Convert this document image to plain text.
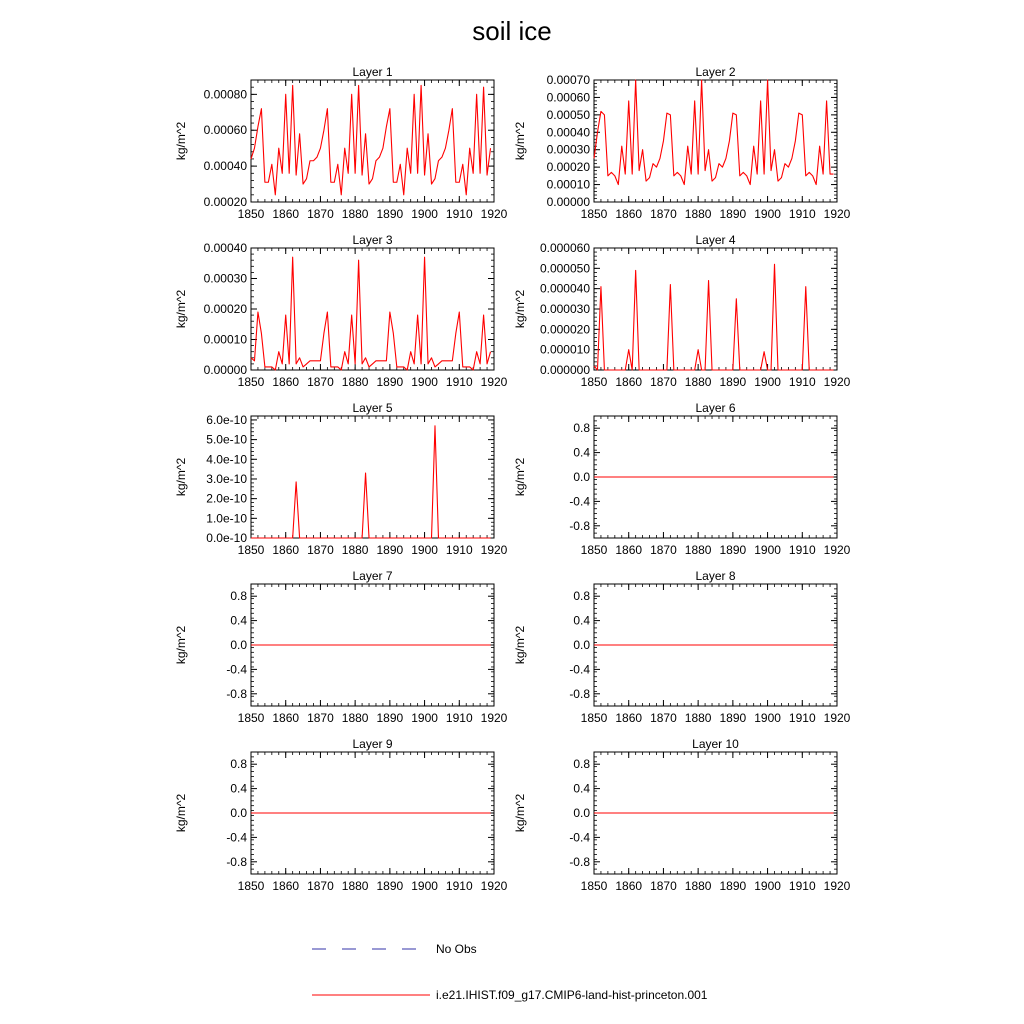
soil ice
1850 1860 1870 1880 1890 1900 1910 1920
0.00020
0.00040
0.00060
0.00080
Layer 1
kg/m^2
1850 1860 1870 1880 1890 1900 1910 1920
0.00000
0.00010
0.00020
0.00030
0.00040
0.00050
0.00060
0.00070
Layer 2
kg/m^2
1850 1860 1870 1880 1890 1900 1910 1920
0.00000
0.00010
0.00020
0.00030
0.00040
Layer 3
kg/m^2
1850 1860 1870 1880 1890 1900 1910 1920
0.000000
0.000010
0.000020
0.000030
0.000040
0.000050
0.000060
Layer 4
kg/m^2
1850 1860 1870 1880 1890 1900 1910 1920
0.0e-10
1.0e-10
2.0e-10
3.0e-10
4.0e-10
5.0e-10
6.0e-10
Layer 5
kg/m^2
1850 1860 1870 1880 1890 1900 1910 1920
-0.8
-0.4
0.0
0.4
0.8
Layer 6
kg/m^2
1850 1860 1870 1880 1890 1900 1910 1920
-0.8
-0.4
0.0
0.4
0.8
Layer 7
kg/m^2
1850 1860 1870 1880 1890 1900 1910 1920
-0.8
-0.4
0.0
0.4
0.8
Layer 8
kg/m^2
1850 1860 1870 1880 1890 1900 1910 1920
-0.8
-0.4
0.0
0.4
0.8
Layer 9
kg/m^2
1850 1860 1870 1880 1890 1900 1910 1920
-0.8
-0.4
0.0
0.4
0.8
Layer 10
kg/m^2
No Obs
i.e21.IHIST.f09_g17.CMIP6-land-hist-princeton.001
